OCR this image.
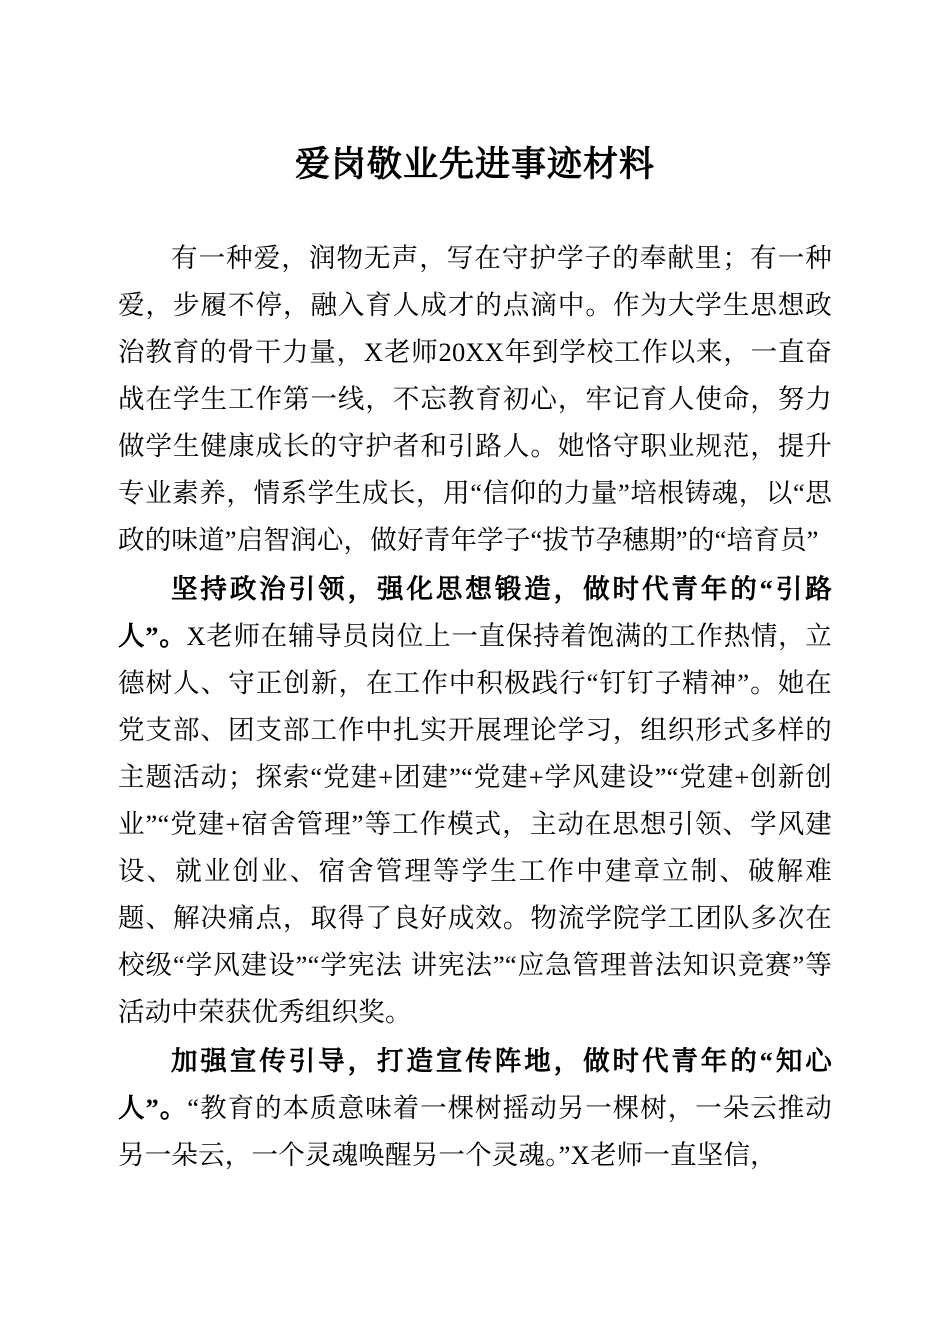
爱岗敬业先进事迹材料

有一种爱，润物无声，写在守护学子的奉献里；有一种爱，步履不停，融入育人成才的点滴中。作为大学生思想政治教育的骨干力量，X老师20XX年到学校工作以来，一直奋战在学生工作第一线，不忘教育初心，牢记育人使命，努力做学生健康成长的守护者和引路人。她恪守职业规范，提升专业素养，情系学生成长，用“信仰的力量”培根铸魂，以“思政的味道”启智润心，做好青年学子“拔节孕穗期”的“培育员”

坚持政治引领，强化思想锻造，做时代青年的“引路人”。X老师在辅导员岗位上一直保持着饱满的工作热情，立德树人、守正创新，在工作中积极践行“钉钉子精神”。她在党支部、团支部工作中扎实开展理论学习，组织形式多样的主题活动；探索“党建+团建”“党建+学风建设”“党建+创新创业”“党建+宿舍管理”等工作模式，主动在思想引领、学风建设、就业创业、宿舍管理等学生工作中建章立制、破解难题、解决痛点，取得了良好成效。物流学院学工团队多次在校级“学风建设”“学宪法 讲宪法”“应急管理普法知识竞赛”等活动中荣获优秀组织奖。

加强宣传引导，打造宣传阵地，做时代青年的“知心人”。“教育的本质意味着一棵树摇动另一棵树，一朵云推动另一朵云，一个灵魂唤醒另一个灵魂。”X老师一直坚信，
